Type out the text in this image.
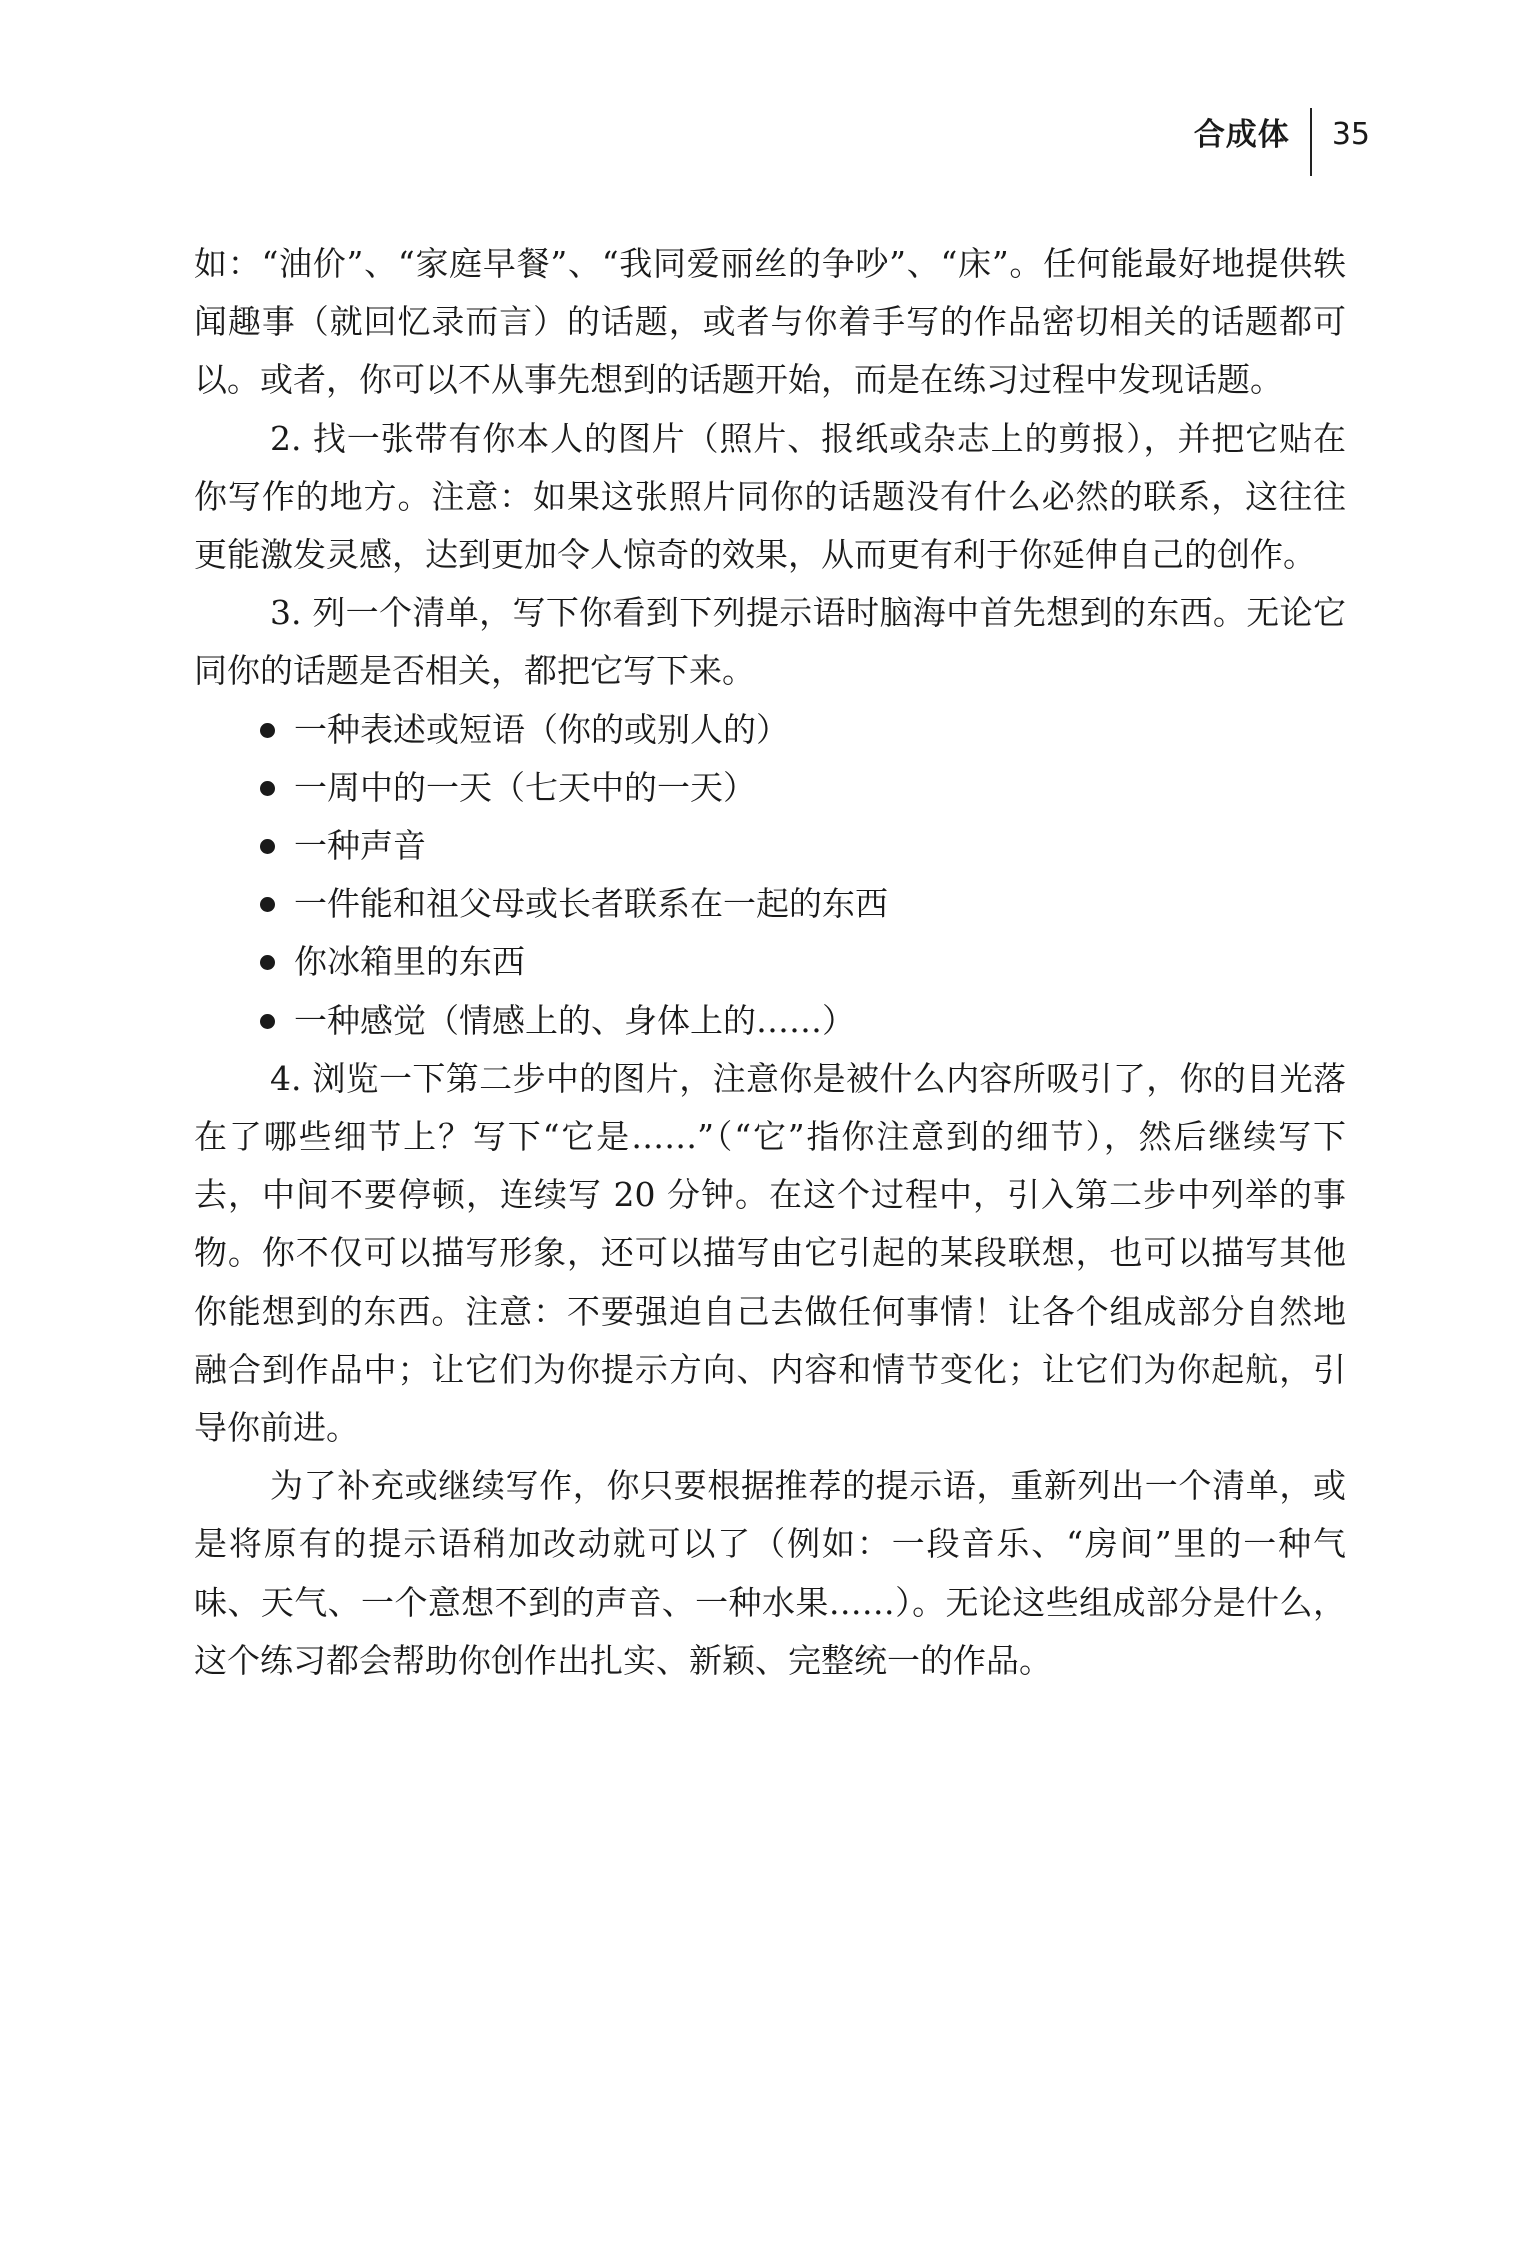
合成体	35

如：“油价”、“家庭早餐”、“我同爱丽丝的争吵”、“床”。任何能最好地提供轶闻趣事（就回忆录而言）的话题，或者与你着手写的作品密切相关的话题都可以。或者，你可以不从事先想到的话题开始，而是在练习过程中发现话题。

2. 找一张带有你本人的图片（照片、报纸或杂志上的剪报），并把它贴在你写作的地方。注意：如果这张照片同你的话题没有什么必然的联系，这往往更能激发灵感，达到更加令人惊奇的效果，从而更有利于你延伸自己的创作。

3. 列一个清单，写下你看到下列提示语时脑海中首先想到的东西。无论它同你的话题是否相关，都把它写下来。

一种表述或短语（你的或别人的）
一周中的一天（七天中的一天）
一种声音
一件能和祖父母或长者联系在一起的东西
你冰箱里的东西
一种感觉（情感上的、身体上的……）

4. 浏览一下第二步中的图片，注意你是被什么内容所吸引了，你的目光落在了哪些细节上？写下“它是……”（“它”指你注意到的细节），然后继续写下去，中间不要停顿，连续写 20 分钟。在这个过程中，引入第二步中列举的事物。你不仅可以描写形象，还可以描写由它引起的某段联想，也可以描写其他你能想到的东西。注意：不要强迫自己去做任何事情！让各个组成部分自然地融合到作品中；让它们为你提示方向、内容和情节变化；让它们为你起航，引导你前进。

为了补充或继续写作，你只要根据推荐的提示语，重新列出一个清单，或是将原有的提示语稍加改动就可以了（例如：一段音乐、“房间”里的一种气味、天气、一个意想不到的声音、一种水果……）。无论这些组成部分是什么，这个练习都会帮助你创作出扎实、新颖、完整统一的作品。
